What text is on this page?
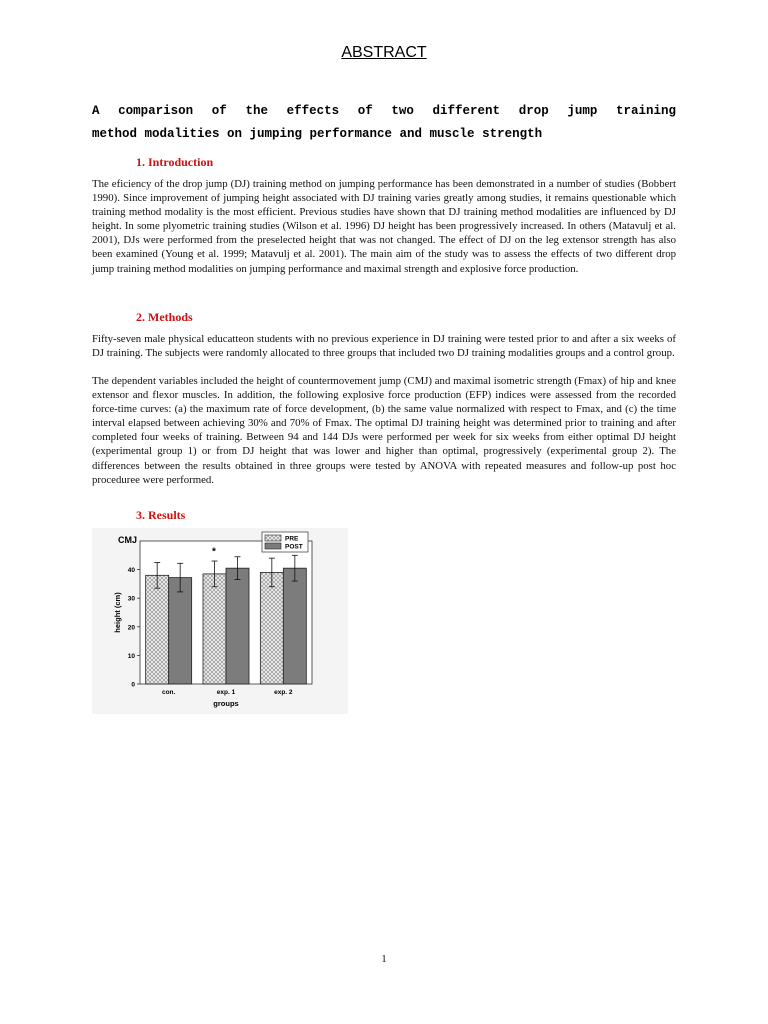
ABSTRACT
A comparison of the effects of two different drop jump training
method modalities on jumping performance and muscle strength
1. Introduction

The eficiency of the drop jump (DJ) training method on jumping performance has been demonstrated in a number of studies (Bobbert 1990). Since improvement of jumping height associated with DJ training varies greatly among studies, it remains questionable which training method modality is the most efficient. Previous studies have shown that DJ training method modalities are influenced by DJ height. In some plyometric training studies (Wilson et al. 1996) DJ height has been progressively increased. In others (Matavulj et al. 2001), DJs were performed from the preselected height that was not changed. The effect of DJ on the leg extensor strength has also been examined (Young et al. 1999; Matavulj et al. 2001). The main aim of the study was to assess the effects of two different drop jump training method modalities on jumping performance and maximal strength and explosive force production.

2. Methods

Fifty-seven male physical educatteon students with no previous experience in DJ training were tested prior to and after a six weeks of DJ training. The subjects were randomly allocated to three groups that included two DJ training modalities groups and a control group.

The dependent variables included the height of countermovement jump (CMJ) and maximal isometric strength (Fmax) of hip and knee extensor and flexor muscles. In addition, the following explosive force production (EFP) indices were assessed from the recorded force-time curves: (a) the maximum rate of force development, (b) the same value normalized with respect to Fmax, and (c) the time interval elapsed between achieving 30% and 70% of Fmax. The optimal DJ training height was determined prior to training and after completed four weeks of training. Between 94 and 144 DJs were performed per week for six weeks from either optimal DJ height (experimental group 1) or from DJ height that was lower and higher than optimal, progressively (experimental group 2). The differences between the results obtained in three groups were tested by ANOVA with repeated measures and follow-up post hoc proceduree were performed.

3. Results
CMJ
0
10
20
30
40
height (cm)
con.	exp. 1	exp. 2
*
groups
PRE
POST
1
